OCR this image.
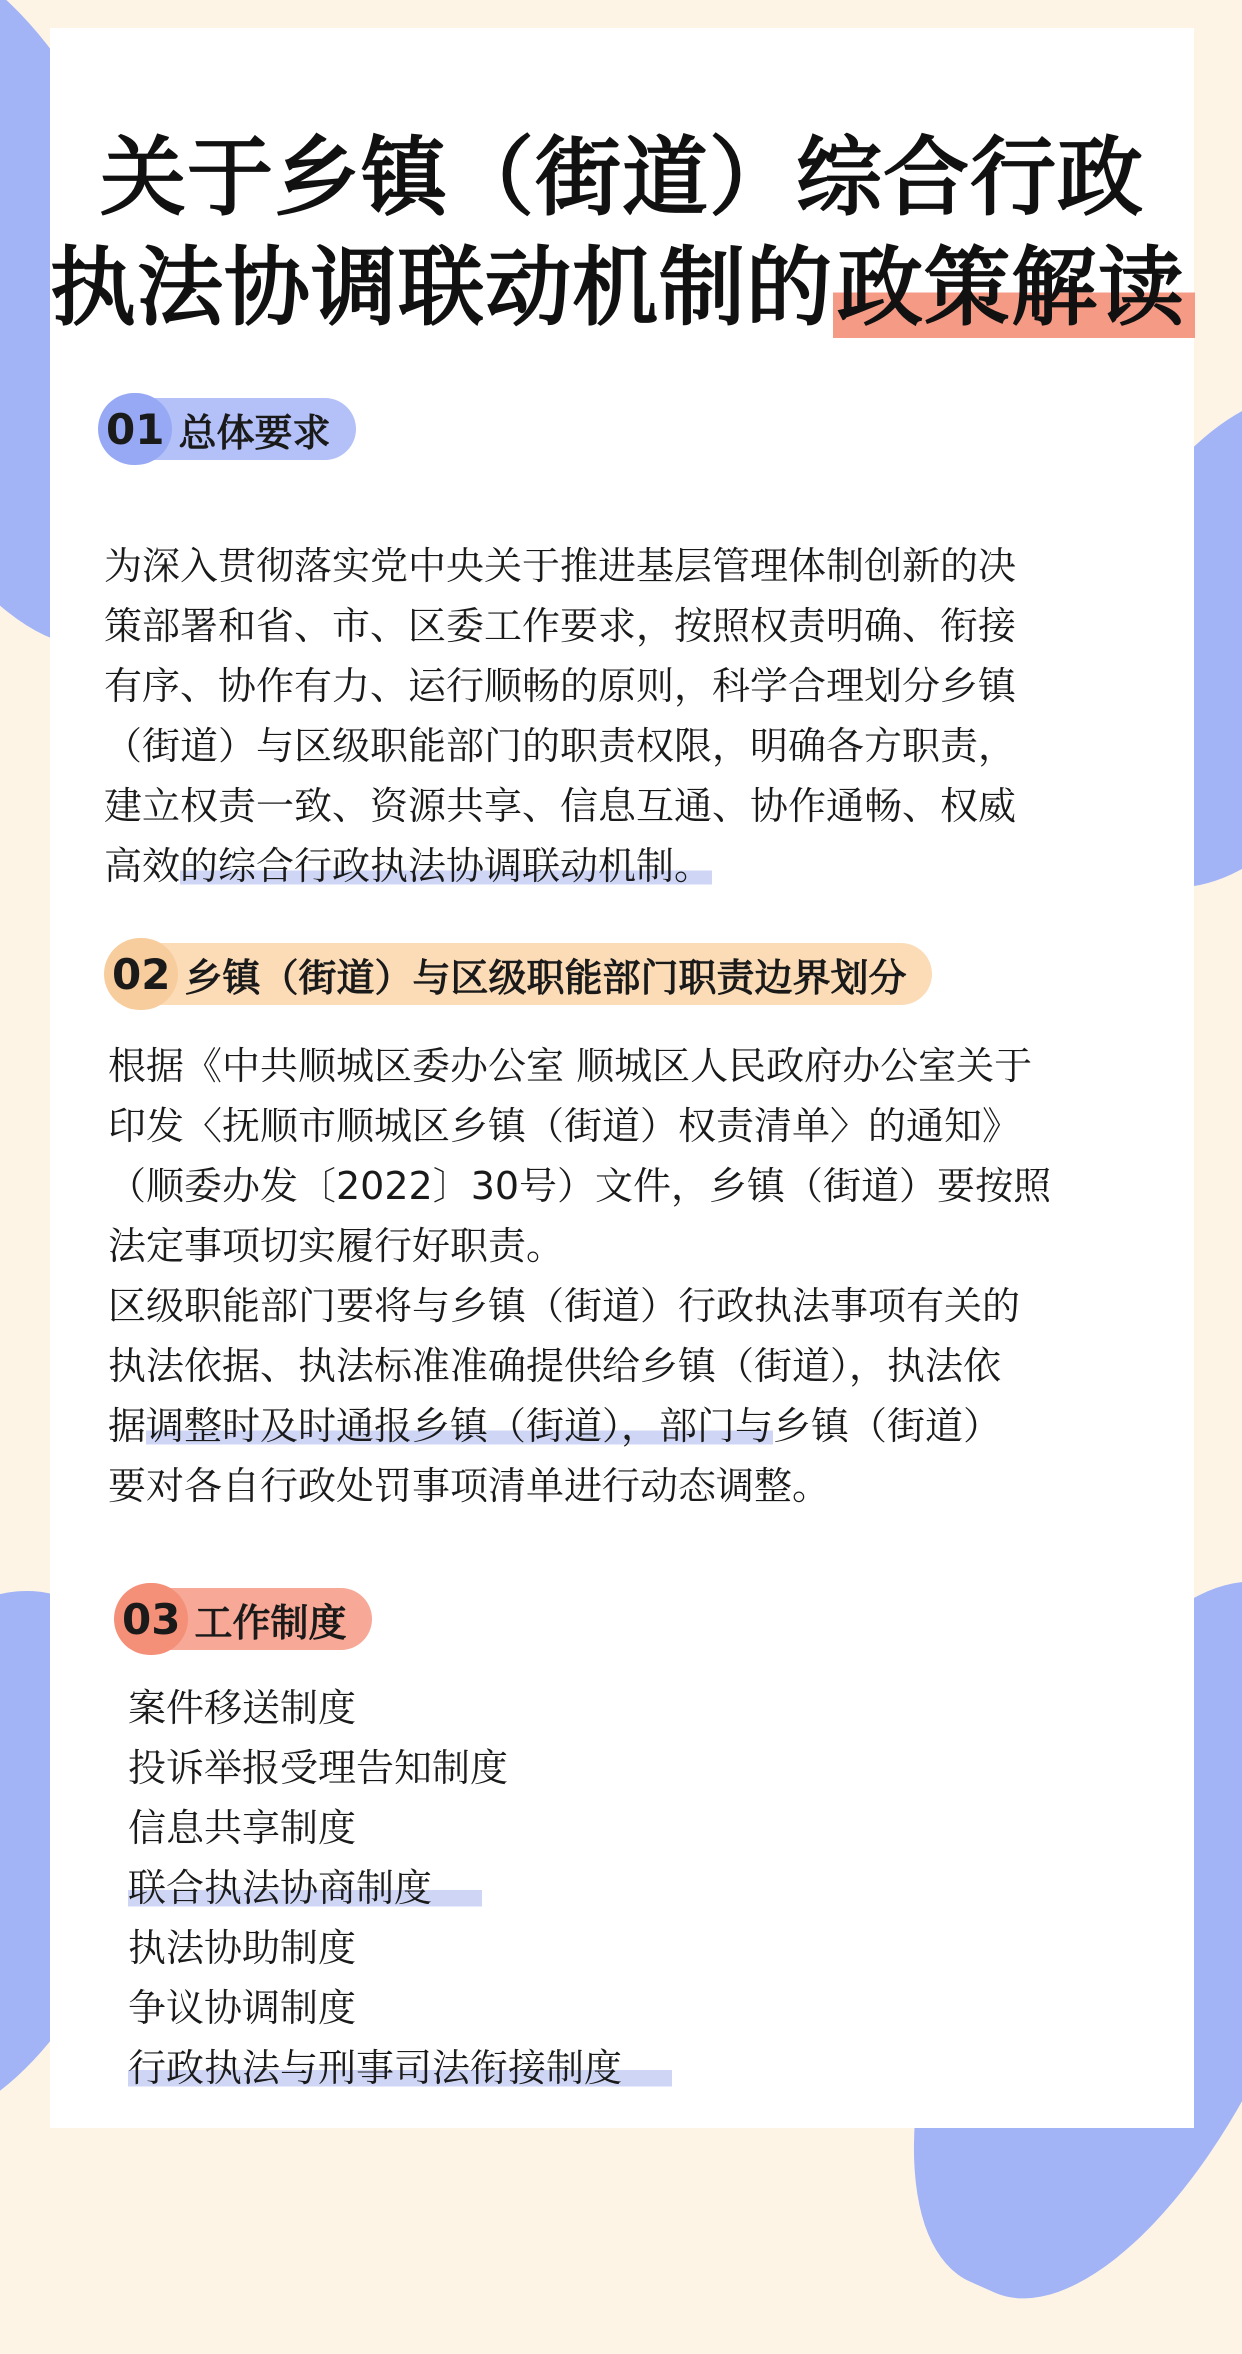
关于乡镇（街道）综合行政
执法协调联动机制的政策解读
01 总体要求
为深入贯彻落实党中央关于推进基层管理体制创新的决
策部署和省、市、区委工作要求，按照权责明确、衔接
有序、协作有力、运行顺畅的原则，科学合理划分乡镇
（街道）与区级职能部门的职责权限，明确各方职责，
建立权责一致、资源共享、信息互通、协作通畅、权威
高效的综合行政执法协调联动机制。
02 乡镇（街道）与区级职能部门职责边界划分
根据《中共顺城区委办公室 顺城区人民政府办公室关于
印发〈抚顺市顺城区乡镇（街道）权责清单〉的通知》
（顺委办发〔2022〕30号）文件，乡镇（街道）要按照
法定事项切实履行好职责。
区级职能部门要将与乡镇（街道）行政执法事项有关的
执法依据、执法标准准确提供给乡镇（街道），执法依
据调整时及时通报乡镇（街道），部门与乡镇（街道）
要对各自行政处罚事项清单进行动态调整。
03 工作制度
案件移送制度
投诉举报受理告知制度
信息共享制度
联合执法协商制度
执法协助制度
争议协调制度
行政执法与刑事司法衔接制度
